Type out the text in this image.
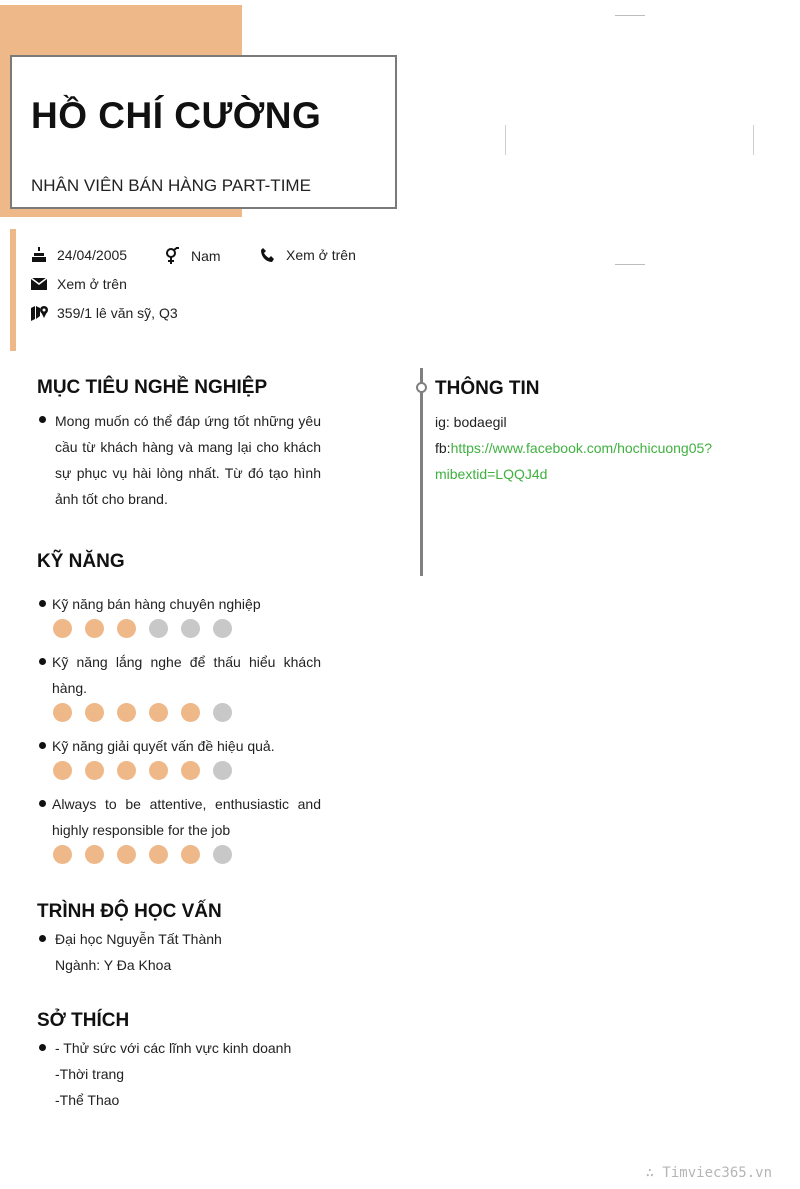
HỒ CHÍ CƯỜNG
NHÂN VIÊN BÁN HÀNG PART-TIME
24/04/2005	Nam	Xem ở trên
Xem ở trên
359/1 lê văn sỹ, Q3
MỤC TIÊU NGHỀ NGHIỆP
Mong muốn có thể đáp ứng tốt những yêu cầu từ khách hàng và mang lại cho khách sự phục vụ hài lòng nhất. Từ đó tạo hình ảnh tốt cho brand.
KỸ NĂNG
Kỹ năng bán hàng chuyên nghiệp
Kỹ năng lắng nghe để thấu hiểu khách hàng.
Kỹ năng giải quyết vấn đề hiệu quả.
Always to be attentive, enthusiastic and highly responsible for the job
TRÌNH ĐỘ HỌC VẤN
Đại học Nguyễn Tất Thành
Ngành: Y Đa Khoa
SỞ THÍCH
- Thử sức với các lĩnh vực kinh doanh
-Thời trang
-Thể Thao
THÔNG TIN
ig: bodaegil
fb:https://www.facebook.com/hochicuong05?
mibextid=LQQJ4d
∴ Timviec365.vn
